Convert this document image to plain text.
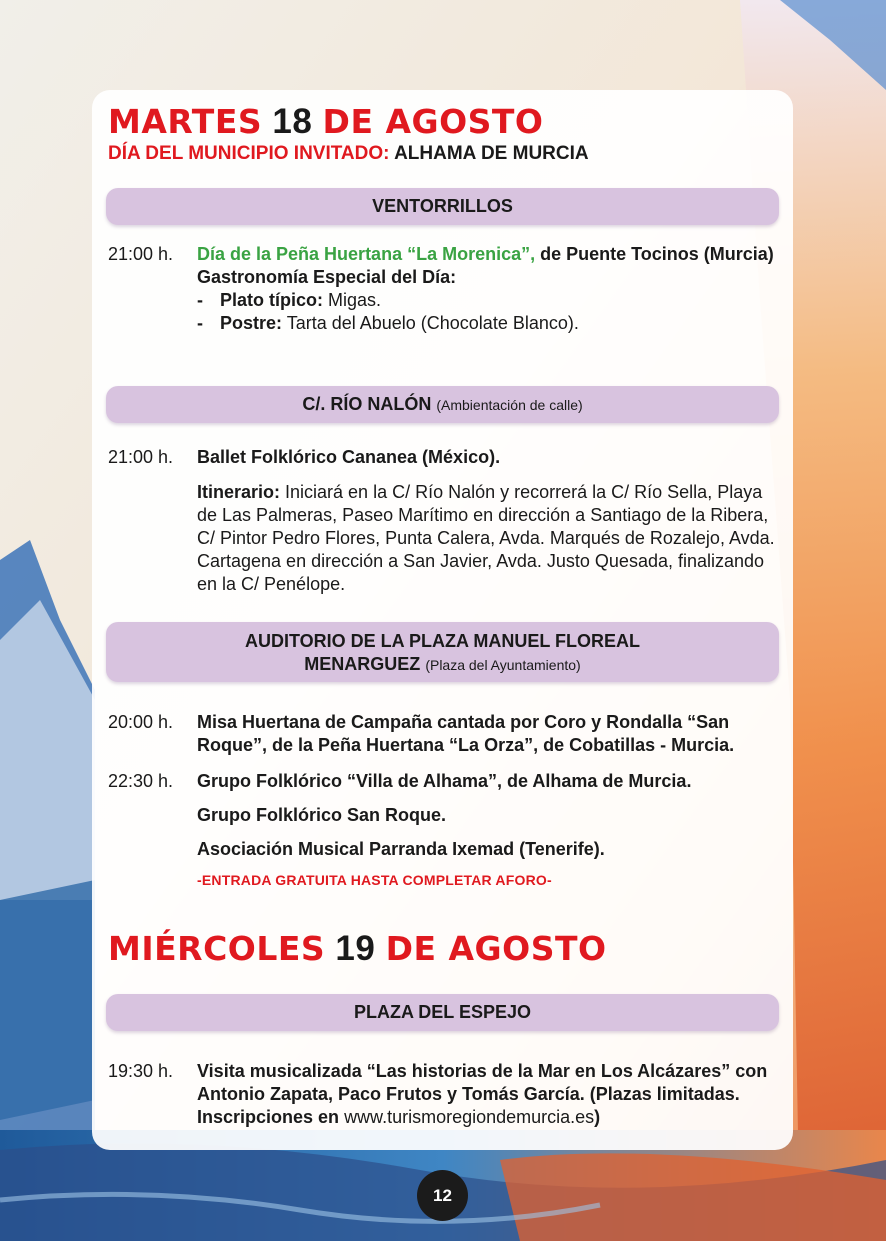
MARTES 18 DE AGOSTO
DÍA DEL MUNICIPIO INVITADO: ALHAMA DE MURCIA
VENTORRILLOS
21:00 h.	Día de la Peña Huertana “La Morenica”, de Puente Tocinos (Murcia)
Gastronomía Especial del Día:
- Plato típico: Migas.
- Postre: Tarta del Abuelo (Chocolate Blanco).
C/. RÍO NALÓN (Ambientación de calle)
21:00 h.	Ballet Folklórico Cananea (México).
Itinerario: Iniciará en la C/ Río Nalón y recorrerá la C/ Río Sella, Playa de Las Palmeras, Paseo Marítimo en dirección a Santiago de la Ribera, C/ Pintor Pedro Flores, Punta Calera, Avda. Marqués de Rozalejo, Avda. Cartagena en dirección a San Javier, Avda. Justo Quesada, finalizando en la C/ Penélope.
AUDITORIO DE LA PLAZA MANUEL FLOREAL
MENARGUEZ (Plaza del Ayuntamiento)
20:00 h.	Misa Huertana de Campaña cantada por Coro y Rondalla “San Roque”, de la Peña Huertana “La Orza”, de Cobatillas - Murcia.
22:30 h.	Grupo Folklórico “Villa de Alhama”, de Alhama de Murcia.
Grupo Folklórico San Roque.
Asociación Musical Parranda Ixemad (Tenerife).
-ENTRADA GRATUITA HASTA COMPLETAR AFORO-
MIÉRCOLES 19 DE AGOSTO
PLAZA DEL ESPEJO
19:30 h.	Visita musicalizada “Las historias de la Mar en Los Alcázares” con Antonio Zapata, Paco Frutos y Tomás García. (Plazas limitadas. Inscripciones en www.turismoregiondemurcia.es)
12
